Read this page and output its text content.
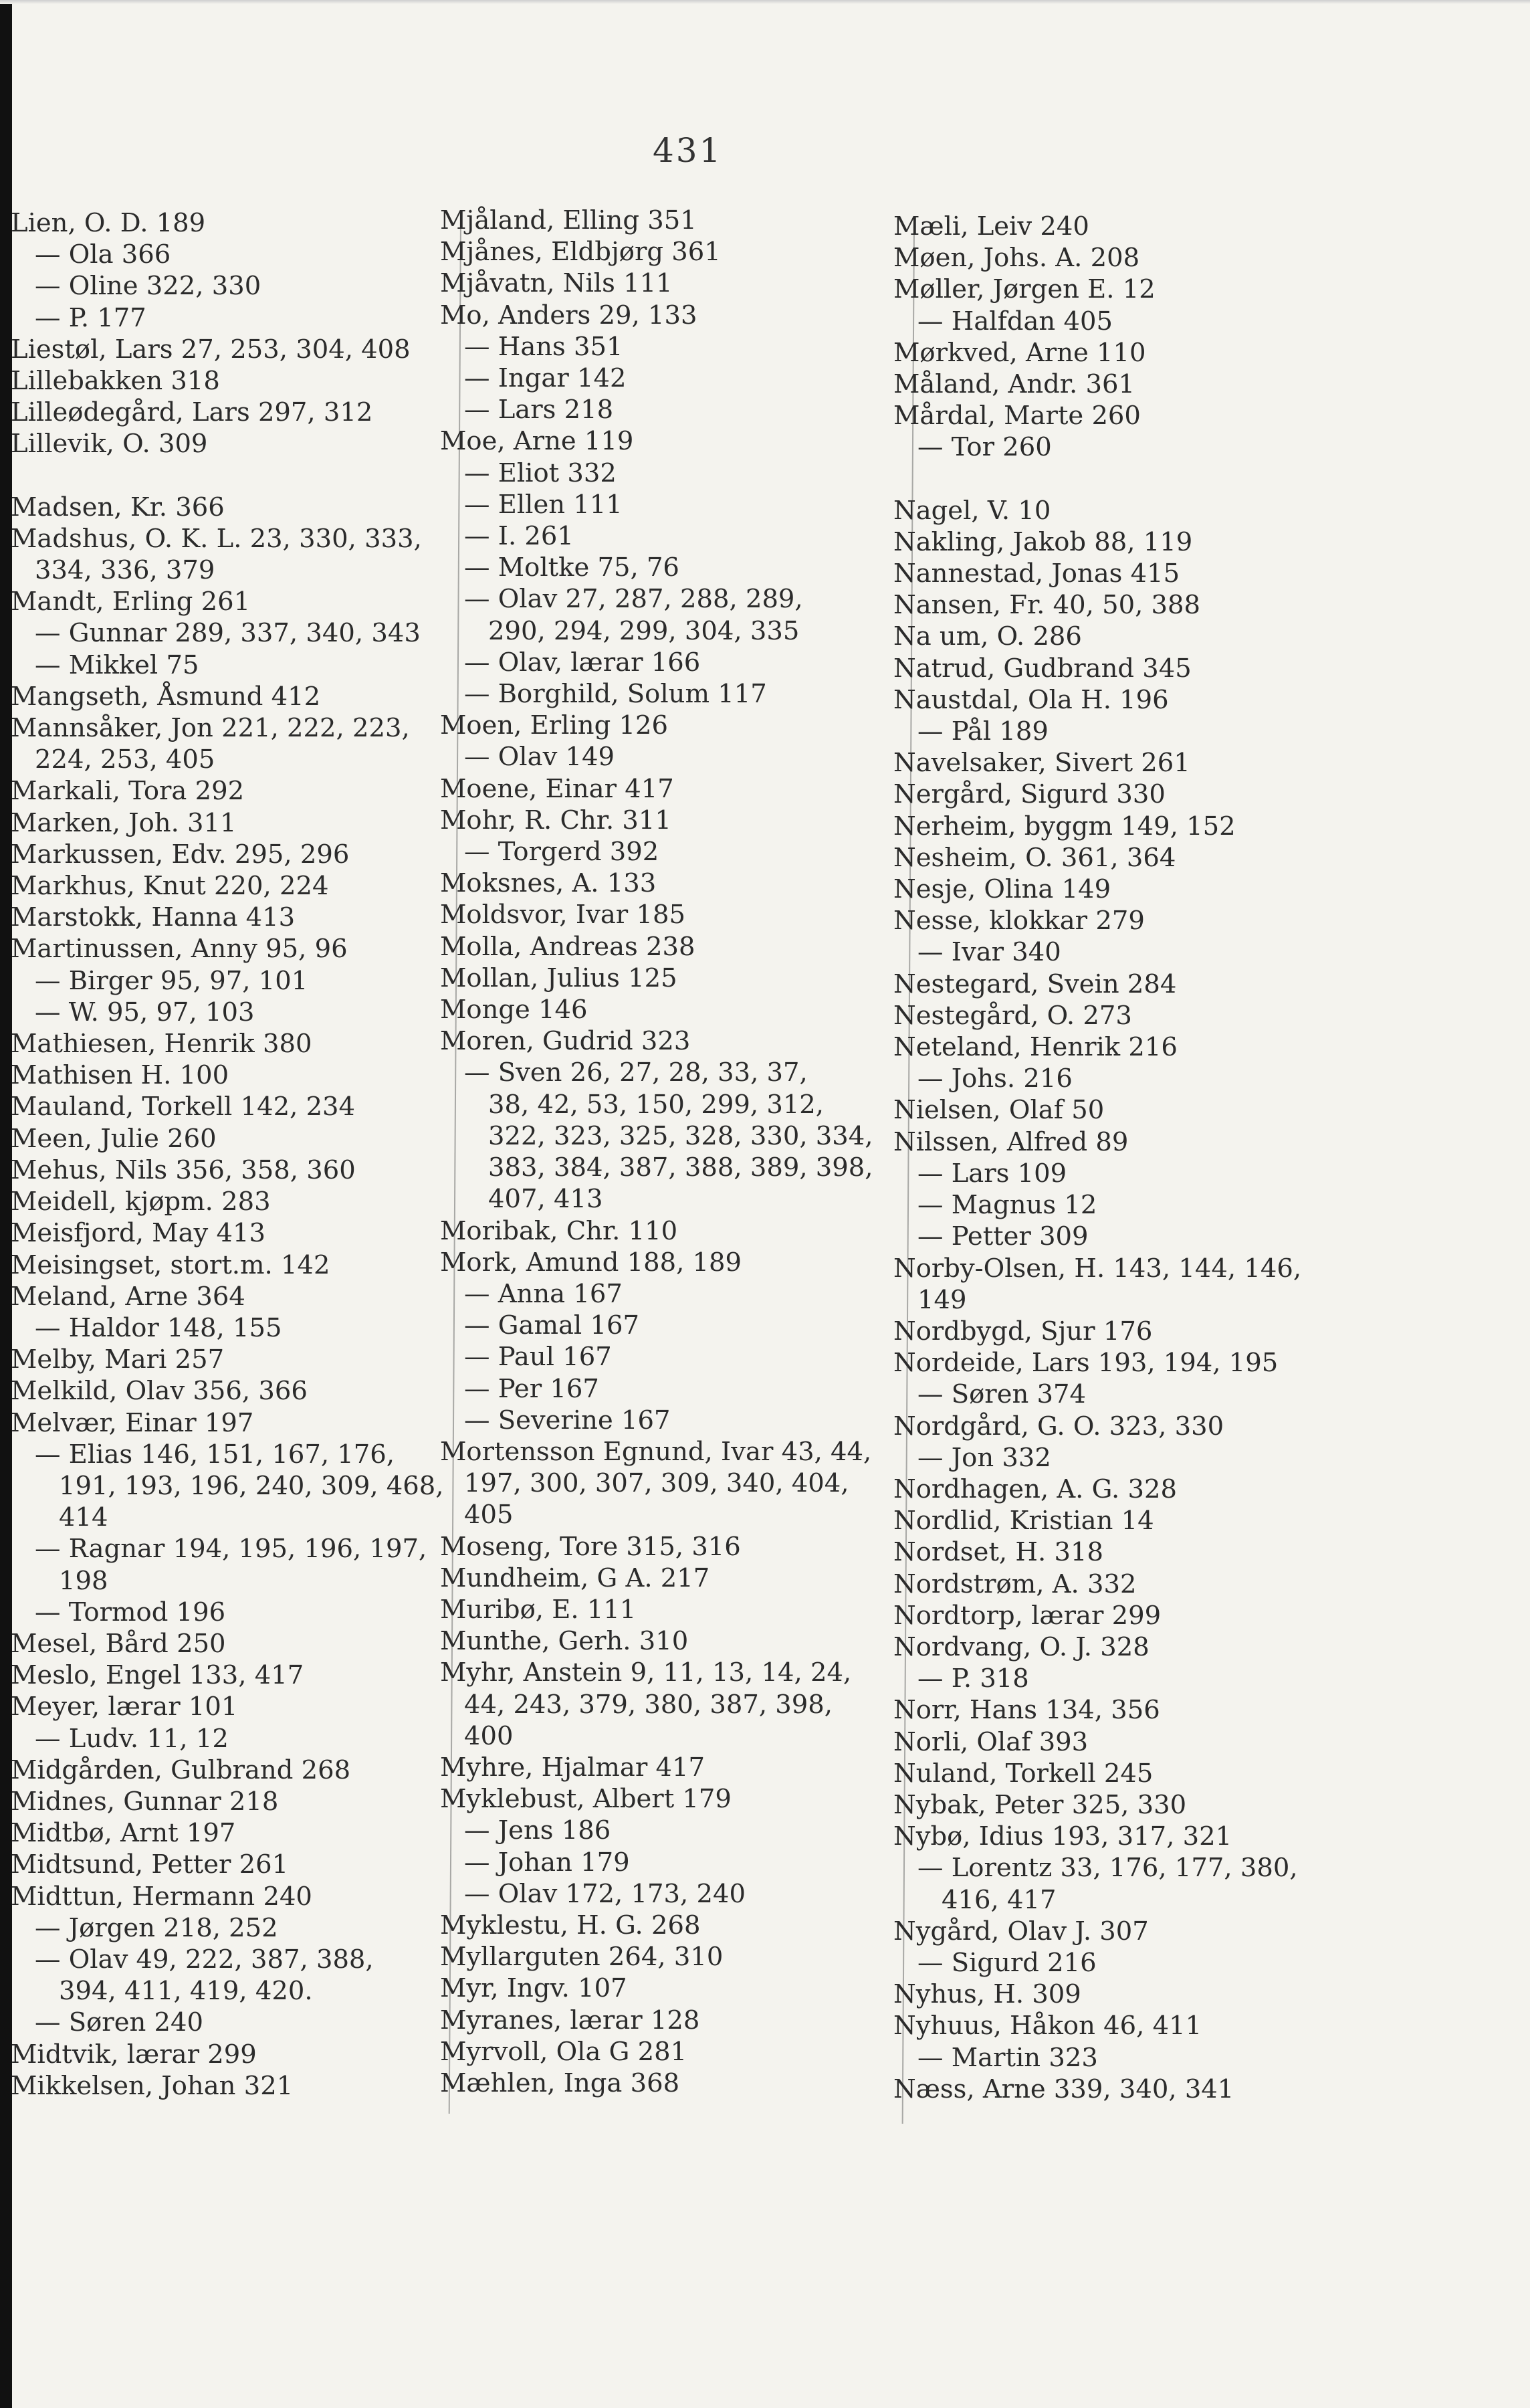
431
Lien, O. D. 189
— Ola 366
— Oline 322, 330
— P. 177
Liestøl, Lars 27, 253, 304, 408
Lillebakken 318
Lilleødegård, Lars 297, 312
Lillevik, O. 309
Madsen, Kr. 366
Madshus, O. K. L. 23, 330, 333,
334, 336, 379
Mandt, Erling 261
— Gunnar 289, 337, 340, 343
— Mikkel 75
Mangseth, Åsmund 412
Mannsåker, Jon 221, 222, 223,
224, 253, 405
Markali, Tora 292
Marken, Joh. 311
Markussen, Edv. 295, 296
Markhus, Knut 220, 224
Marstokk, Hanna 413
Martinussen, Anny 95, 96
— Birger 95, 97, 101
— W. 95, 97, 103
Mathiesen, Henrik 380
Mathisen H. 100
Mauland, Torkell 142, 234
Meen, Julie 260
Mehus, Nils 356, 358, 360
Meidell, kjøpm. 283
Meisfjord, May 413
Meisingset, stort.m. 142
Meland, Arne 364
— Haldor 148, 155
Melby, Mari 257
Melkild, Olav 356, 366
Melvær, Einar 197
— Elias 146, 151, 167, 176,
191, 193, 196, 240, 309, 468,
414
— Ragnar 194, 195, 196, 197,
198
— Tormod 196
Mesel, Bård 250
Meslo, Engel 133, 417
Meyer, lærar 101
— Ludv. 11, 12
Midgården, Gulbrand 268
Midnes, Gunnar 218
Midtbø, Arnt 197
Midtsund, Petter 261
Midttun, Hermann 240
— Jørgen 218, 252
— Olav 49, 222, 387, 388,
394, 411, 419, 420.
— Søren 240
Midtvik, lærar 299
Mikkelsen, Johan 321
Mjåland, Elling 351
Mjånes, Eldbjørg 361
Mjåvatn, Nils 111
Mo, Anders 29, 133
— Hans 351
— Ingar 142
— Lars 218
Moe, Arne 119
— Eliot 332
— Ellen 111
— I. 261
— Moltke 75, 76
— Olav 27, 287, 288, 289,
290, 294, 299, 304, 335
— Olav, lærar 166
— Borghild, Solum 117
Moen, Erling 126
— Olav 149
Moene, Einar 417
Mohr, R. Chr. 311
— Torgerd 392
Moksnes, A. 133
Moldsvor, Ivar 185
Molla, Andreas 238
Mollan, Julius 125
Monge 146
Moren, Gudrid 323
— Sven 26, 27, 28, 33, 37,
38, 42, 53, 150, 299, 312,
322, 323, 325, 328, 330, 334,
383, 384, 387, 388, 389, 398,
407, 413
Moribak, Chr. 110
Mork, Amund 188, 189
— Anna 167
— Gamal 167
— Paul 167
— Per 167
— Severine 167
Mortensson Egnund, Ivar 43, 44,
197, 300, 307, 309, 340, 404,
405
Moseng, Tore 315, 316
Mundheim, G A. 217
Muribø, E. 111
Munthe, Gerh. 310
Myhr, Anstein 9, 11, 13, 14, 24,
44, 243, 379, 380, 387, 398,
400
Myhre, Hjalmar 417
Myklebust, Albert 179
— Jens 186
— Johan 179
— Olav 172, 173, 240
Myklestu, H. G. 268
Myllarguten 264, 310
Myr, Ingv. 107
Myranes, lærar 128
Myrvoll, Ola G 281
Mæhlen, Inga 368
Mæli, Leiv 240
Møen, Johs. A. 208
Møller, Jørgen E. 12
— Halfdan 405
Mørkved, Arne 110
Måland, Andr. 361
Mårdal, Marte 260
— Tor 260
Nagel, V. 10
Nakling, Jakob 88, 119
Nannestad, Jonas 415
Nansen, Fr. 40, 50, 388
Na um, O. 286
Natrud, Gudbrand 345
Naustdal, Ola H. 196
— Pål 189
Navelsaker, Sivert 261
Nergård, Sigurd 330
Nerheim, byggm 149, 152
Nesheim, O. 361, 364
Nesje, Olina 149
Nesse, klokkar 279
— Ivar 340
Nestegard, Svein 284
Nestegård, O. 273
Neteland, Henrik 216
— Johs. 216
Nielsen, Olaf 50
Nilssen, Alfred 89
— Lars 109
— Magnus 12
— Petter 309
Norby-Olsen, H. 143, 144, 146,
149
Nordbygd, Sjur 176
Nordeide, Lars 193, 194, 195
— Søren 374
Nordgård, G. O. 323, 330
— Jon 332
Nordhagen, A. G. 328
Nordlid, Kristian 14
Nordset, H. 318
Nordstrøm, A. 332
Nordtorp, lærar 299
Nordvang, O. J. 328
— P. 318
Norr, Hans 134, 356
Norli, Olaf 393
Nuland, Torkell 245
Nybak, Peter 325, 330
Nybø, Idius 193, 317, 321
— Lorentz 33, 176, 177, 380,
416, 417
Nygård, Olav J. 307
— Sigurd 216
Nyhus, H. 309
Nyhuus, Håkon 46, 411
— Martin 323
Næss, Arne 339, 340, 341
